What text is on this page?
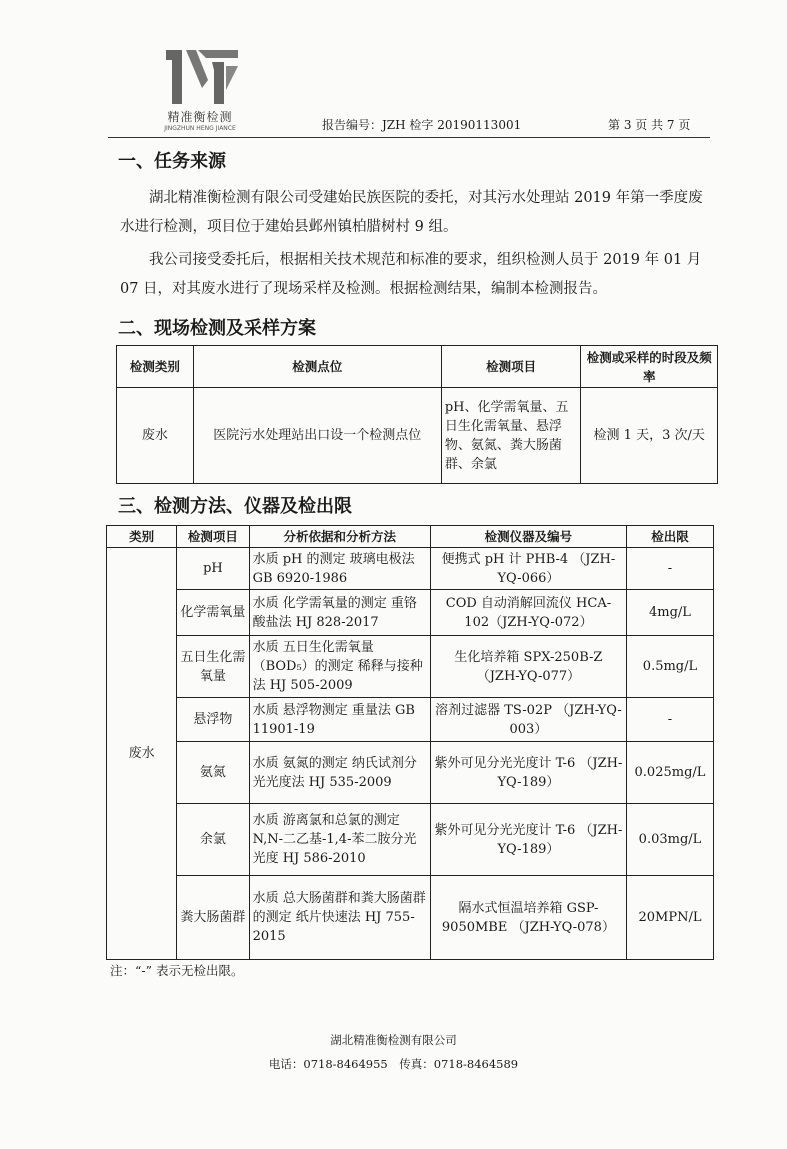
精准衡检测
JINGZHUN HENG JIANCE	报告编号：JZH 检字 20190113001	第 3 页 共 7 页
一、任务来源

湖北精准衡检测有限公司受建始民族医院的委托，对其污水处理站 2019 年第一季度废水进行检测，项目位于建始县邺州镇柏腊树村 9 组。

我公司接受委托后，根据相关技术规范和标准的要求，组织检测人员于 2019 年 01 月 07 日，对其废水进行了现场采样及检测。根据检测结果，编制本检测报告。

二、现场检测及采样方案
检测类别	检测点位	检测项目	检测或采样的时段及频率
废水	医院污水处理站出口设一个检测点位	pH、化学需氧量、五日生化需氧量、悬浮物、氨氮、粪大肠菌群、余氯	检测 1 天，3 次/天
三、检测方法、仪器及检出限
类别	检测项目	分析依据和分析方法	检测仪器及编号	检出限
废水	pH	水质 pH 的测定 玻璃电极法 GB 6920-1986	便携式 pH 计 PHB-4 （JZH-YQ-066）	-
	化学需氧量	水质 化学需氧量的测定 重铬酸盐法 HJ 828-2017	COD 自动消解回流仪 HCA-102（JZH-YQ-072）	4mg/L
	五日生化需氧量	水质 五日生化需氧量（BOD₅）的测定 稀释与接种法 HJ 505-2009	生化培养箱 SPX-250B-Z （JZH-YQ-077）	0.5mg/L
	悬浮物	水质 悬浮物测定 重量法 GB 11901-19	溶剂过滤器 TS-02P （JZH-YQ-003）	-
	氨氮	水质 氨氮的测定 纳氏试剂分光光度法 HJ 535-2009	紫外可见分光光度计 T-6 （JZH-YQ-189）	0.025mg/L
	余氯	水质 游离氯和总氯的测定 N,N-二乙基-1,4-苯二胺分光光度 HJ 586-2010	紫外可见分光光度计 T-6 （JZH-YQ-189）	0.03mg/L
	粪大肠菌群	水质 总大肠菌群和粪大肠菌群的测定 纸片快速法 HJ 755-2015	隔水式恒温培养箱 GSP-9050MBE （JZH-YQ-078）	20MPN/L
注：“-” 表示无检出限。
湖北精准衡检测有限公司
电话：0718-8464955　传真：0718-8464589
